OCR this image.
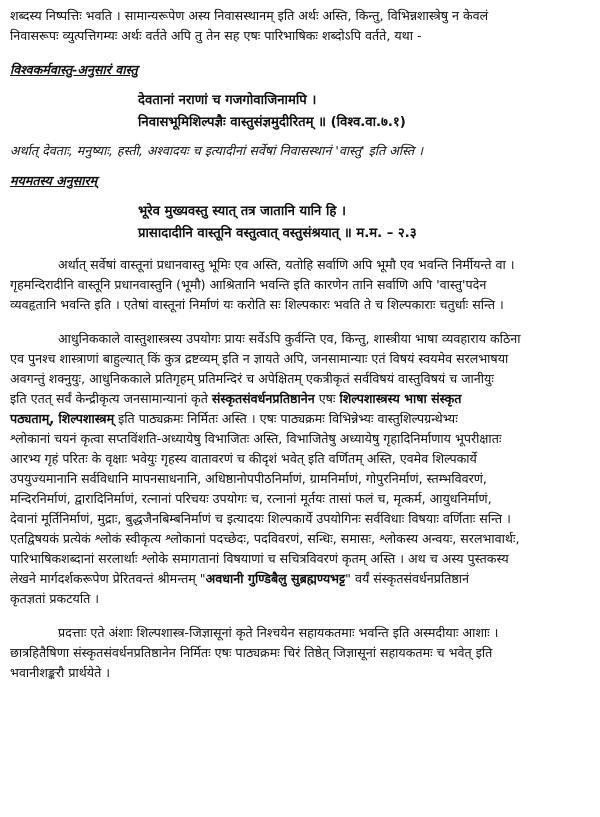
शब्दस्य निष्पत्तिः भवति । सामान्यरूपेण अस्य निवासस्थानम् इति अर्थः अस्ति, किन्तु, विभिन्नशास्त्रेषु न केवलं

निवासरूपः व्युत्पत्तिगम्यः अर्थः वर्तते अपि तु तेन सह एषः पारिभाषिकः शब्दोऽपि वर्तते, यथा -

विश्वकर्मवास्तु-अनुसारं वास्तु
देवतानां नराणां च गजगोवाजिनामपि ।
निवासभूमिशिल्पज्ञैः वास्तुसंज्ञमुदीरितम् ॥ (विश्व.वा.७.१)

अर्थात् देवताः, मनुष्याः, हस्ती, अश्वादयः च इत्यादीनां सर्वेषां निवासस्थानं 'वास्तु' इति अस्ति ।

मयमतस्य अनुसारम्
भूरेव मुख्यवस्तु स्यात् तत्र जातानि यानि हि ।
प्रासादादीनि वास्तूनि वस्तुत्वात् वस्तुसंश्रयात् ॥ म.म. – २.३

अर्थात् सर्वेषां वास्तूनां प्रधानवास्तु भूमिः एव अस्ति, यतोहि सर्वाणि अपि भूमौ एव भवन्ति निर्मीयन्ते वा ।

गृहमन्दिरादीनि वास्तूनि प्रधानवास्तुनि (भूमौ) आश्रितानि भवन्ति इति कारणेन तानि सर्वाणि अपि 'वास्तु'पदेन

व्यवहृतानि भवन्ति इति । एतेषां वास्तूनां निर्माणं यः करोति सः शिल्पकारः भवति ते च शिल्पकाराः चतुर्धाः सन्ति ।

आधुनिककाले वास्तुशास्त्रस्य उपयोगः प्रायः सर्वेऽपि कुर्वन्ति एव, किन्तु, शास्त्रीया भाषा व्यवहाराय कठिना

एव पुनश्च शास्त्राणां बाहुल्यात् किं कुत्र द्रष्टव्यम् इति न ज्ञायते अपि, जनसामान्याः एतं विषयं स्वयमेव सरलभाषया

अवगन्तुं शक्नुयुः, आधुनिककाले प्रतिगृहम् प्रतिमन्दिरं च अपेक्षितम् एकत्रीकृतं सर्वविषयं वास्तुविषयं च जानीयुः

इति एतत् सर्वं केन्द्रीकृत्य जनसामान्यानां कृते संस्कृतसंवर्धनप्रतिष्ठानेन एषः शिल्पशास्त्रस्य भाषा संस्कृत

पठ्यताम्, शिल्पशास्त्रम् इति पाठ्यक्रमः निर्मितः अस्ति । एषः पाठ्यक्रमः विभिन्नेभ्यः वास्तुशिल्पग्रन्थेभ्यः

श्लोकानां चयनं कृत्वा सप्तविंशति-अध्यायेषु विभाजितः अस्ति, विभाजितेषु अध्यायेषु गृहादिनिर्माणाय भूपरीक्षातः

आरभ्य गृहं परितः के वृक्षाः भवेयुः गृहस्य वातावरणं च कीदृशं भवेत् इति वर्णितम् अस्ति, एवमेव शिल्पकार्ये

उपयुज्यमानानि सर्वविधानि मापनसाधनानि, अधिष्ठानोपपीठनिर्माणं, ग्रामनिर्माणं, गोपुरनिर्माणं, स्तम्भविवरणं,

मन्दिरनिर्माणं, द्वारादिनिर्माणं, रत्नानां परिचयः उपयोगः च, रत्नानां मूर्तयः तासां फलं च, मृत्कर्म, आयुधनिर्माणं,

देवानां मूर्तिनिर्माणं, मुद्राः, बुद्धजैनबिम्बनिर्माणं च इत्यादयः शिल्पकार्ये उपयोगिनः सर्वविधाः विषयाः वर्णिताः सन्ति ।

एतद्विषयकं प्रत्येकं श्लोकं स्वीकृत्य श्लोकानां पदच्छेदः, पदविवरणं, सन्धिः, समासः, श्लोकस्य अन्वयः, सरलभावार्थः,

पारिभाषिकशब्दानां सरलार्थाः श्लोके समागतानां विषयाणां च सचित्रविवरणं कृतम् अस्ति । अथ च अस्य पुस्तकस्य

लेखने मार्गदर्शकरूपेण प्रेरितवन्तं श्रीमन्तम् "अवधानी गुण्डिबैलु सुब्रह्मण्यभट्ट" वर्यं संस्कृतसंवर्धनप्रतिष्ठानं

कृतज्ञतां प्रकटयति ।

प्रदत्ताः एते अंशाः शिल्पशास्त्र-जिज्ञासूनां कृते निश्चयेन सहायकतमाः भवन्ति इति अस्मदीयाः आशाः ।

छात्रहितैषिणा संस्कृतसंवर्धनप्रतिष्ठानेन निर्मितः एषः पाठ्यक्रमः चिरं तिष्ठेत् जिज्ञासूनां सहायकतमः च भवेत् इति

भवानीशङ्करौ प्रार्थयेते ।
